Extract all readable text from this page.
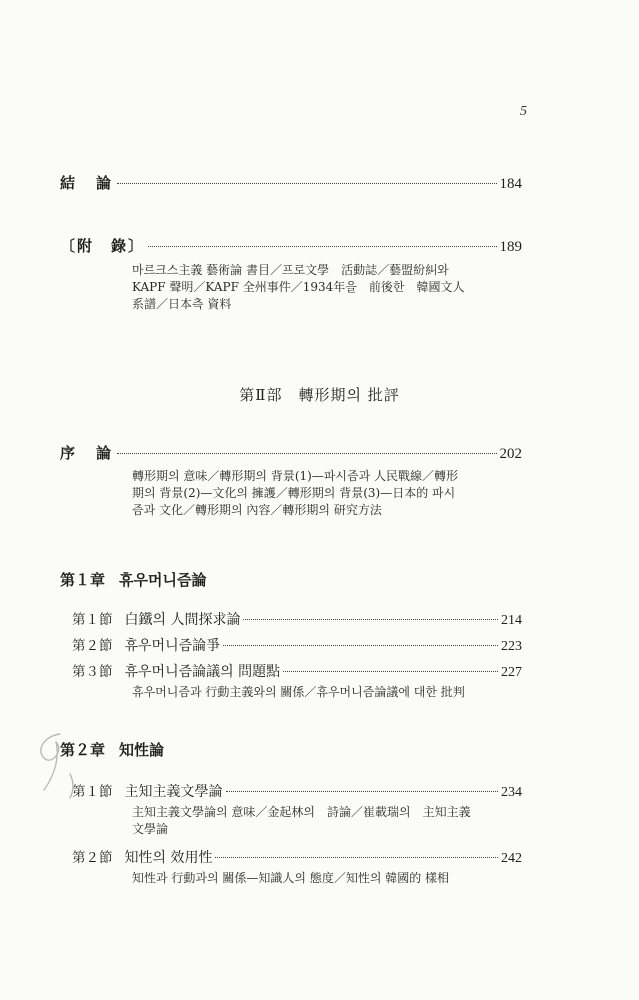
5
結　論	184
〔附　錄〕	189
마르크스主義 藝術論 書目／프로文學　活動誌／藝盟紛糾와
KAPF 聲明／KAPF 全州事件／1934年을　前後한　韓國文人
系譜／日本측 資料
第Ⅱ部　轉形期의 批評
序　論	202
轉形期의 意味／轉形期의 背景(1)—파시즘과 人民戰線／轉形
期의 背景(2)—文化의 擁護／轉形期의 背景(3)—日本的 파시
즘과 文化／轉形期의 內容／轉形期의 研究方法
第１章 휴우머니즘論
第１節 白鐵의 人間探求論	214
第２節 휴우머니즘論爭	223
第３節 휴우머니즘論議의 問題點	227
휴우머니즘과 行動主義와의 關係／휴우머니즘論議에 대한 批判
第２章 知性論
第１節 主知主義文學論	234
主知主義文學論의 意味／金起林의　詩論／崔載瑞의　主知主義
文學論
第２節 知性의 效用性	242
知性과 行動과의 關係—知識人의 態度／知性의 韓國的 樣相
